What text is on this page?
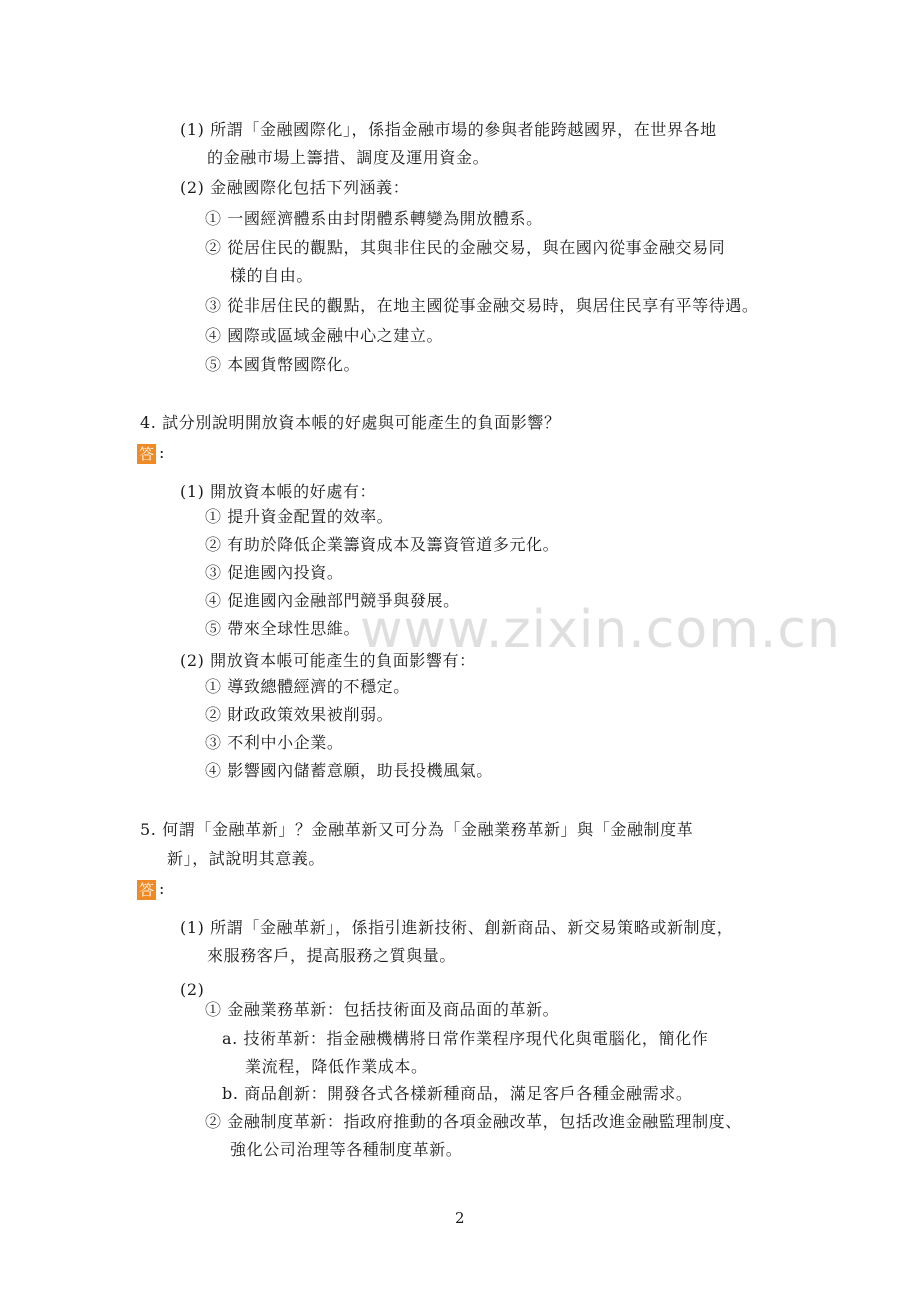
www.zixin.com.cn
(1) 所謂「金融國際化」，係指金融市場的參與者能跨越國界，在世界各地
的金融市場上籌措、調度及運用資金。
(2) 金融國際化包括下列涵義：
① 一國經濟體系由封閉體系轉變為開放體系。
② 從居住民的觀點，其與非住民的金融交易，與在國內從事金融交易同
樣的自由。
③ 從非居住民的觀點，在地主國從事金融交易時，與居住民享有平等待遇。
④ 國際或區域金融中心之建立。
⑤ 本國貨幣國際化。
4. 試分別說明開放資本帳的好處與可能產生的負面影響？
答 :
(1) 開放資本帳的好處有：
① 提升資金配置的效率。
② 有助於降低企業籌資成本及籌資管道多元化。
③ 促進國內投資。
④ 促進國內金融部門競爭與發展。
⑤ 帶來全球性思維。
(2) 開放資本帳可能產生的負面影響有：
① 導致總體經濟的不穩定。
② 財政政策效果被削弱。
③ 不利中小企業。
④ 影響國內儲蓄意願，助長投機風氣。
5. 何謂「金融革新」？金融革新又可分為「金融業務革新」與「金融制度革
新」，試說明其意義。
答 :
(1) 所謂「金融革新」，係指引進新技術、創新商品、新交易策略或新制度，
來服務客戶，提高服務之質與量。
(2)
① 金融業務革新：包括技術面及商品面的革新。
a. 技術革新：指金融機構將日常作業程序現代化與電腦化，簡化作
業流程，降低作業成本。
b. 商品創新：開發各式各樣新種商品，滿足客戶各種金融需求。
② 金融制度革新：指政府推動的各項金融改革，包括改進金融監理制度、
強化公司治理等各種制度革新。
2
